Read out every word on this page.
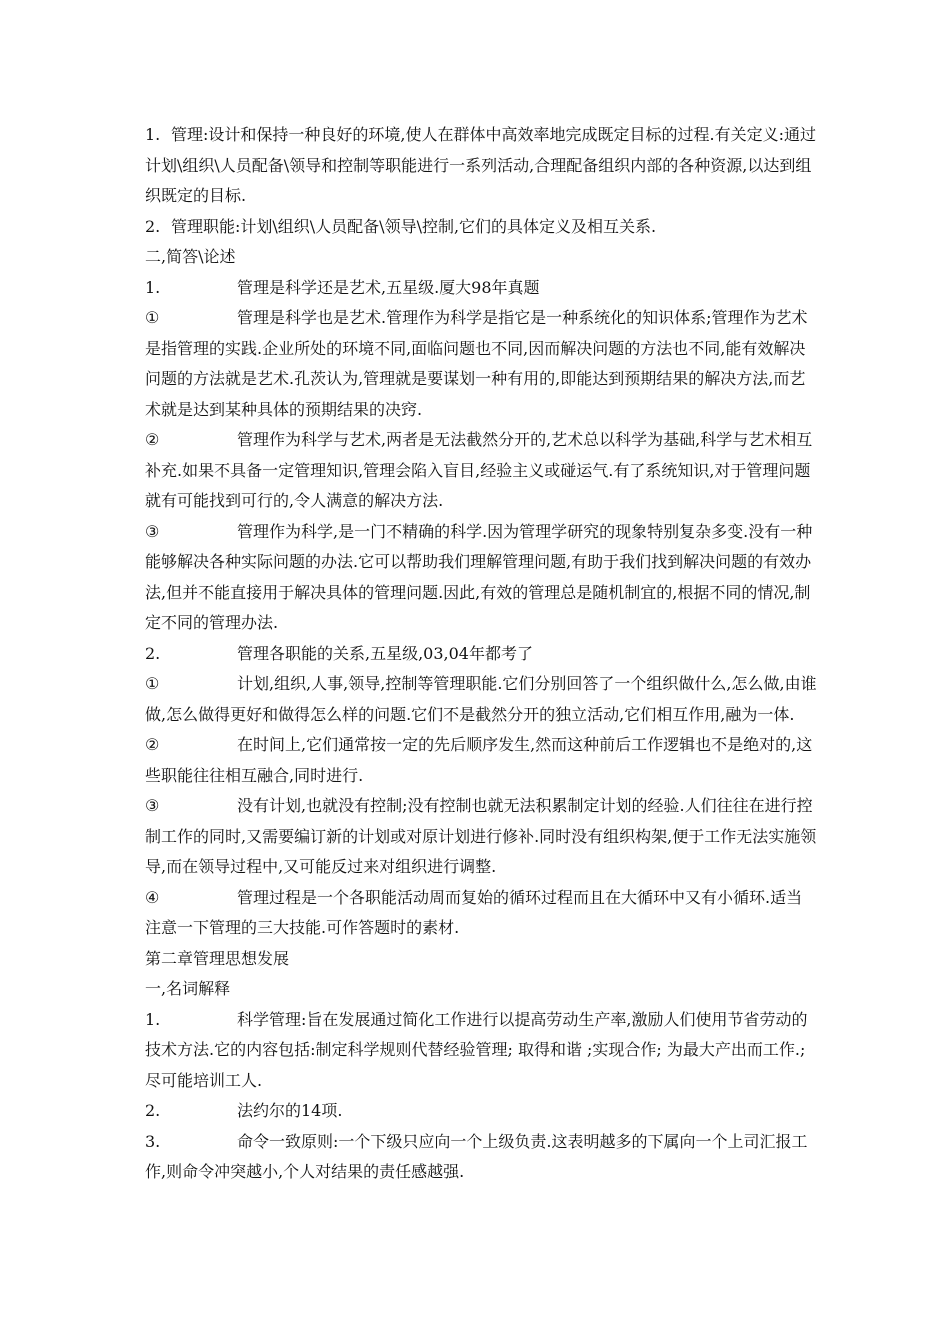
1. 管理:设计和保持一种良好的环境,使人在群体中高效率地完成既定目标的过程.有关定义:通过计划\组织\人员配备\领导和控制等职能进行一系列活动,合理配备组织内部的各种资源,以达到组织既定的目标.

2. 管理职能:计划\组织\人员配备\领导\控制,它们的具体定义及相互关系.

二,简答\论述

1.	管理是科学还是艺术,五星级.厦大98年真题

①	管理是科学也是艺术.管理作为科学是指它是一种系统化的知识体系;管理作为艺术是指管理的实践.企业所处的环境不同,面临问题也不同,因而解决问题的方法也不同,能有效解决问题的方法就是艺术.孔茨认为,管理就是要谋划一种有用的,即能达到预期结果的解决方法,而艺术就是达到某种具体的预期结果的决窍.

②	管理作为科学与艺术,两者是无法截然分开的,艺术总以科学为基础,科学与艺术相互补充.如果不具备一定管理知识,管理会陷入盲目,经验主义或碰运气.有了系统知识,对于管理问题就有可能找到可行的,令人满意的解决方法.

③	管理作为科学,是一门不精确的科学.因为管理学研究的现象特别复杂多变.没有一种能够解决各种实际问题的办法.它可以帮助我们理解管理问题,有助于我们找到解决问题的有效办法,但并不能直接用于解决具体的管理问题.因此,有效的管理总是随机制宜的,根据不同的情况,制定不同的管理办法.

2.	管理各职能的关系,五星级,03,04年都考了

①	计划,组织,人事,领导,控制等管理职能.它们分别回答了一个组织做什么,怎么做,由谁做,怎么做得更好和做得怎么样的问题.它们不是截然分开的独立活动,它们相互作用,融为一体.

②	在时间上,它们通常按一定的先后顺序发生,然而这种前后工作逻辑也不是绝对的,这些职能往往相互融合,同时进行.

③	没有计划,也就没有控制;没有控制也就无法积累制定计划的经验.人们往往在进行控制工作的同时,又需要编订新的计划或对原计划进行修补.同时没有组织构架,便于工作无法实施领导,而在领导过程中,又可能反过来对组织进行调整.

④	管理过程是一个各职能活动周而复始的循环过程而且在大循环中又有小循环.适当注意一下管理的三大技能.可作答题时的素材.

第二章管理思想发展

一,名词解释

1.	科学管理:旨在发展通过简化工作进行以提高劳动生产率,激励人们使用节省劳动的技术方法.它的内容包括:制定科学规则代替经验管理; 取得和谐 ;实现合作; 为最大产出而工作.; 尽可能培训工人.

2.	法约尔的14项.

3.	命令一致原则:一个下级只应向一个上级负责.这表明越多的下属向一个上司汇报工作,则命令冲突越小,个人对结果的责任感越强.
